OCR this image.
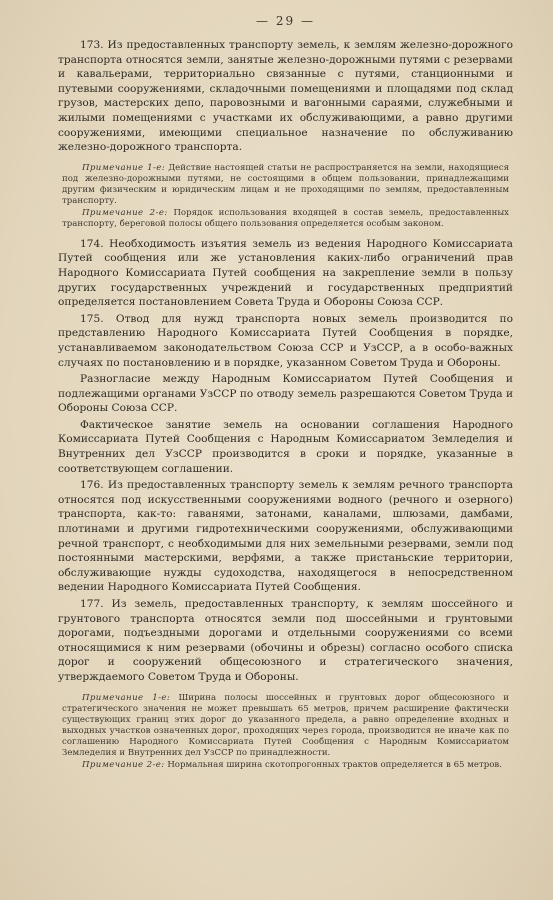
— 29 —

173. Из предоставленных транспорту земель, к землям железно-дорожного транспорта относятся земли, занятые железно-дорожными путями с резервами и кавальерами, территориально связанные с путями, станционными и путевыми сооружениями, складочными помещениями и площадями под склад грузов, мастерских депо, паровозными и вагонными сараями, служебными и жилыми помещениями с участками их обслуживающими, а равно другими сооружениями, имеющими специальное назначение по обслуживанию железно-дорожного транспорта.

Примечание 1-е: Действие настоящей статьи не распространяется на земли, находящиеся под железно-дорожными путями, не состоящими в общем пользовании, принадлежащими другим физическим и юридическим лицам и не проходящими по землям, предоставленным транспорту.

Примечание 2-е: Порядок использования входящей в состав земель, предоставленных транспорту, береговой полосы общего пользования определяется особым законом.

174. Необходимость изъятия земель из ведения Народного Комиссариата Путей сообщения или же установления каких-либо ограничений прав Народного Комиссариата Путей сообщения на закрепление земли в пользу других государственных учреждений и государственных предприятий определяется постановлением Совета Труда и Обороны Союза ССР.

175. Отвод для нужд транспорта новых земель производится по представлению Народного Комиссариата Путей Сообщения в порядке, устанавливаемом законодательством Союза ССР и УзССР, а в особо-важных случаях по постановлению и в порядке, указанном Советом Труда и Обороны.

Разногласие между Народным Комиссариатом Путей Сообщения и подлежащими органами УзССР по отводу земель разрешаются Советом Труда и Обороны Союза ССР.

Фактическое занятие земель на основании соглашения Народного Комиссариата Путей Сообщения с Народным Комиссариатом Земледелия и Внутренних дел УзССР производится в сроки и порядке, указанные в соответствующем соглашении.

176. Из предоставленных транспорту земель к землям речного транспорта относятся под искусственными сооружениями водного (речного и озерного) транспорта, как-то: гаванями, затонами, каналами, шлюзами, дамбами, плотинами и другими гидротехническими сооружениями, обслуживающими речной транспорт, с необходимыми для них земельными резервами, земли под постоянными мастерскими, верфями, а также пристаньские территории, обслуживающие нужды судоходства, находящегося в непосредственном ведении Народного Комиссариата Путей Сообщения.

177. Из земель, предоставленных транспорту, к землям шоссейного и грунтового транспорта относятся земли под шоссейными и грунтовыми дорогами, подъездными дорогами и отдельными сооружениями со всеми относящимися к ним резервами (обочины и обрезы) согласно особого списка дорог и сооружений общесоюзного и стратегического значения, утверждаемого Советом Труда и Обороны.

Примечание 1-е: Ширина полосы шоссейных и грунтовых дорог общесоюзного и стратегического значения не может превышать 65 метров, причем расширение фактически существующих границ этих дорог до указанного предела, а равно определение входных и выходных участков означенных дорог, проходящих через города, производится не иначе как по соглашению Народного Комиссариата Путей Сообщения с Народным Комиссариатом Земледелия и Внутренних дел УзССР по принадлежности.

Примечание 2-е: Нормальная ширина скотопрогонных трактов определяется в 65 метров.
